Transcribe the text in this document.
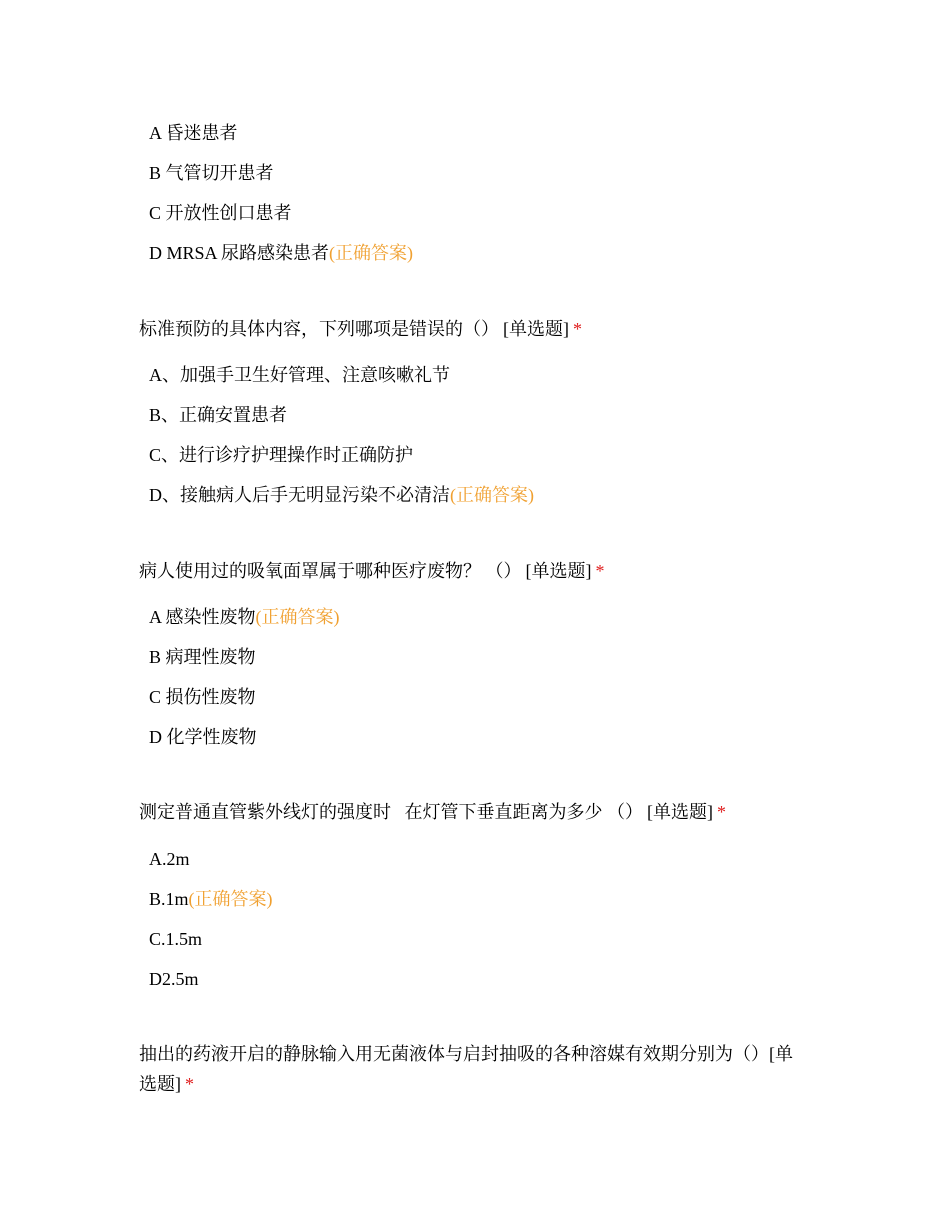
A 昏迷患者
B 气管切开患者
C 开放性创口患者
D MRSA 尿路感染患者(正确答案)
标准预防的具体内容，下列哪项是错误的（） [单选题] *
A、加强手卫生好管理、注意咳嗽礼节
B、正确安置患者
C、进行诊疗护理操作时正确防护
D、接触病人后手无明显污染不必清洁(正确答案)
病人使用过的吸氧面罩属于哪种医疗废物？ （） [单选题] *
A 感染性废物(正确答案)
B 病理性废物
C 损伤性废物
D 化学性废物
测定普通直管紫外线灯的强度时   在灯管下垂直距离为多少 （） [单选题] *
A.2m
B.1m(正确答案)
C.1.5m
D2.5m
抽出的药液开启的静脉输入用无菌液体与启封抽吸的各种溶媒有效期分别为（）[单选题] *
